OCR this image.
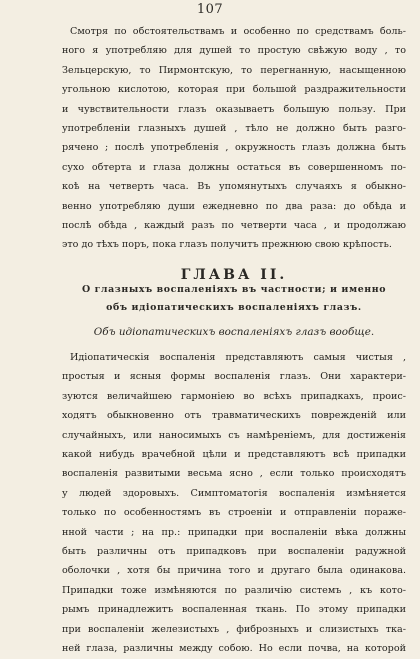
107
Смотря по обстоятельствамъ и особенно по средствамъ боль-
ного я употребляю для душей то простую свѣжую воду , то
Зельцерскую, то Пирмонтскую, то перегнанную, насыщенною
угольною кислотою, которая при большой раздражительности
и чувствительности глазъ оказываетъ большую пользу. При
употребленіи глазныхъ душей , тѣло не должно быть разго-
рячено ; послѣ употребленія , окружность глазъ должна быть
сухо обтерта и глаза должны остаться въ совершенномъ по-
коѣ на четверть часа. Въ упомянутыхъ случаяхъ я обыкно-
венно употребляю души ежедневно по два раза: до обѣда и
послѣ обѣда , каждый разъ по четверти часа , и продолжаю
это до тѣхъ поръ, пока глазъ получитъ прежнюю свою крѣпость.
ГЛАВА II.
О глазныхъ воспаленіяхъ въ частности; и именно
объ идіопатическихъ воспаленіяхъ глазъ.
Объ идіопатическихъ воспаленіяхъ глазъ вообще.
Идіопатическія воспаленія представляютъ самыя чистыя ,
простыя и ясныя формы воспаленія глазъ. Они характери-
зуются величайшею гармоніею во всѣхъ припадкахъ, проис-
ходятъ обыкновенно отъ травматическихъ поврежденій или
случайныхъ, или наносимыхъ съ намѣреніемъ, для достиженія
какой нибудь врачебной цѣли и представляютъ всѣ припадки
воспаленія развитыми весьма ясно , если только происходятъ
у людей здоровыхъ. Симптоматогія воспаленія измѣняется
только по особенностямъ въ строеніи и отправленіи пораже-
нной части ; на пр.: припадки при воспаленіи вѣка должны
быть различны отъ припадковъ при воспаленіи радужной
оболочки , хотя бы причина того и другаго была одинакова.
Припадки тоже измѣняются по различію системъ , къ кото-
рымъ принадлежитъ воспаленная ткань. По этому припадки
при воспаленіи железистыхъ , фиброзныхъ и слизистыхъ тка-
ней глаза, различны между собою. Но если почва, на которой
